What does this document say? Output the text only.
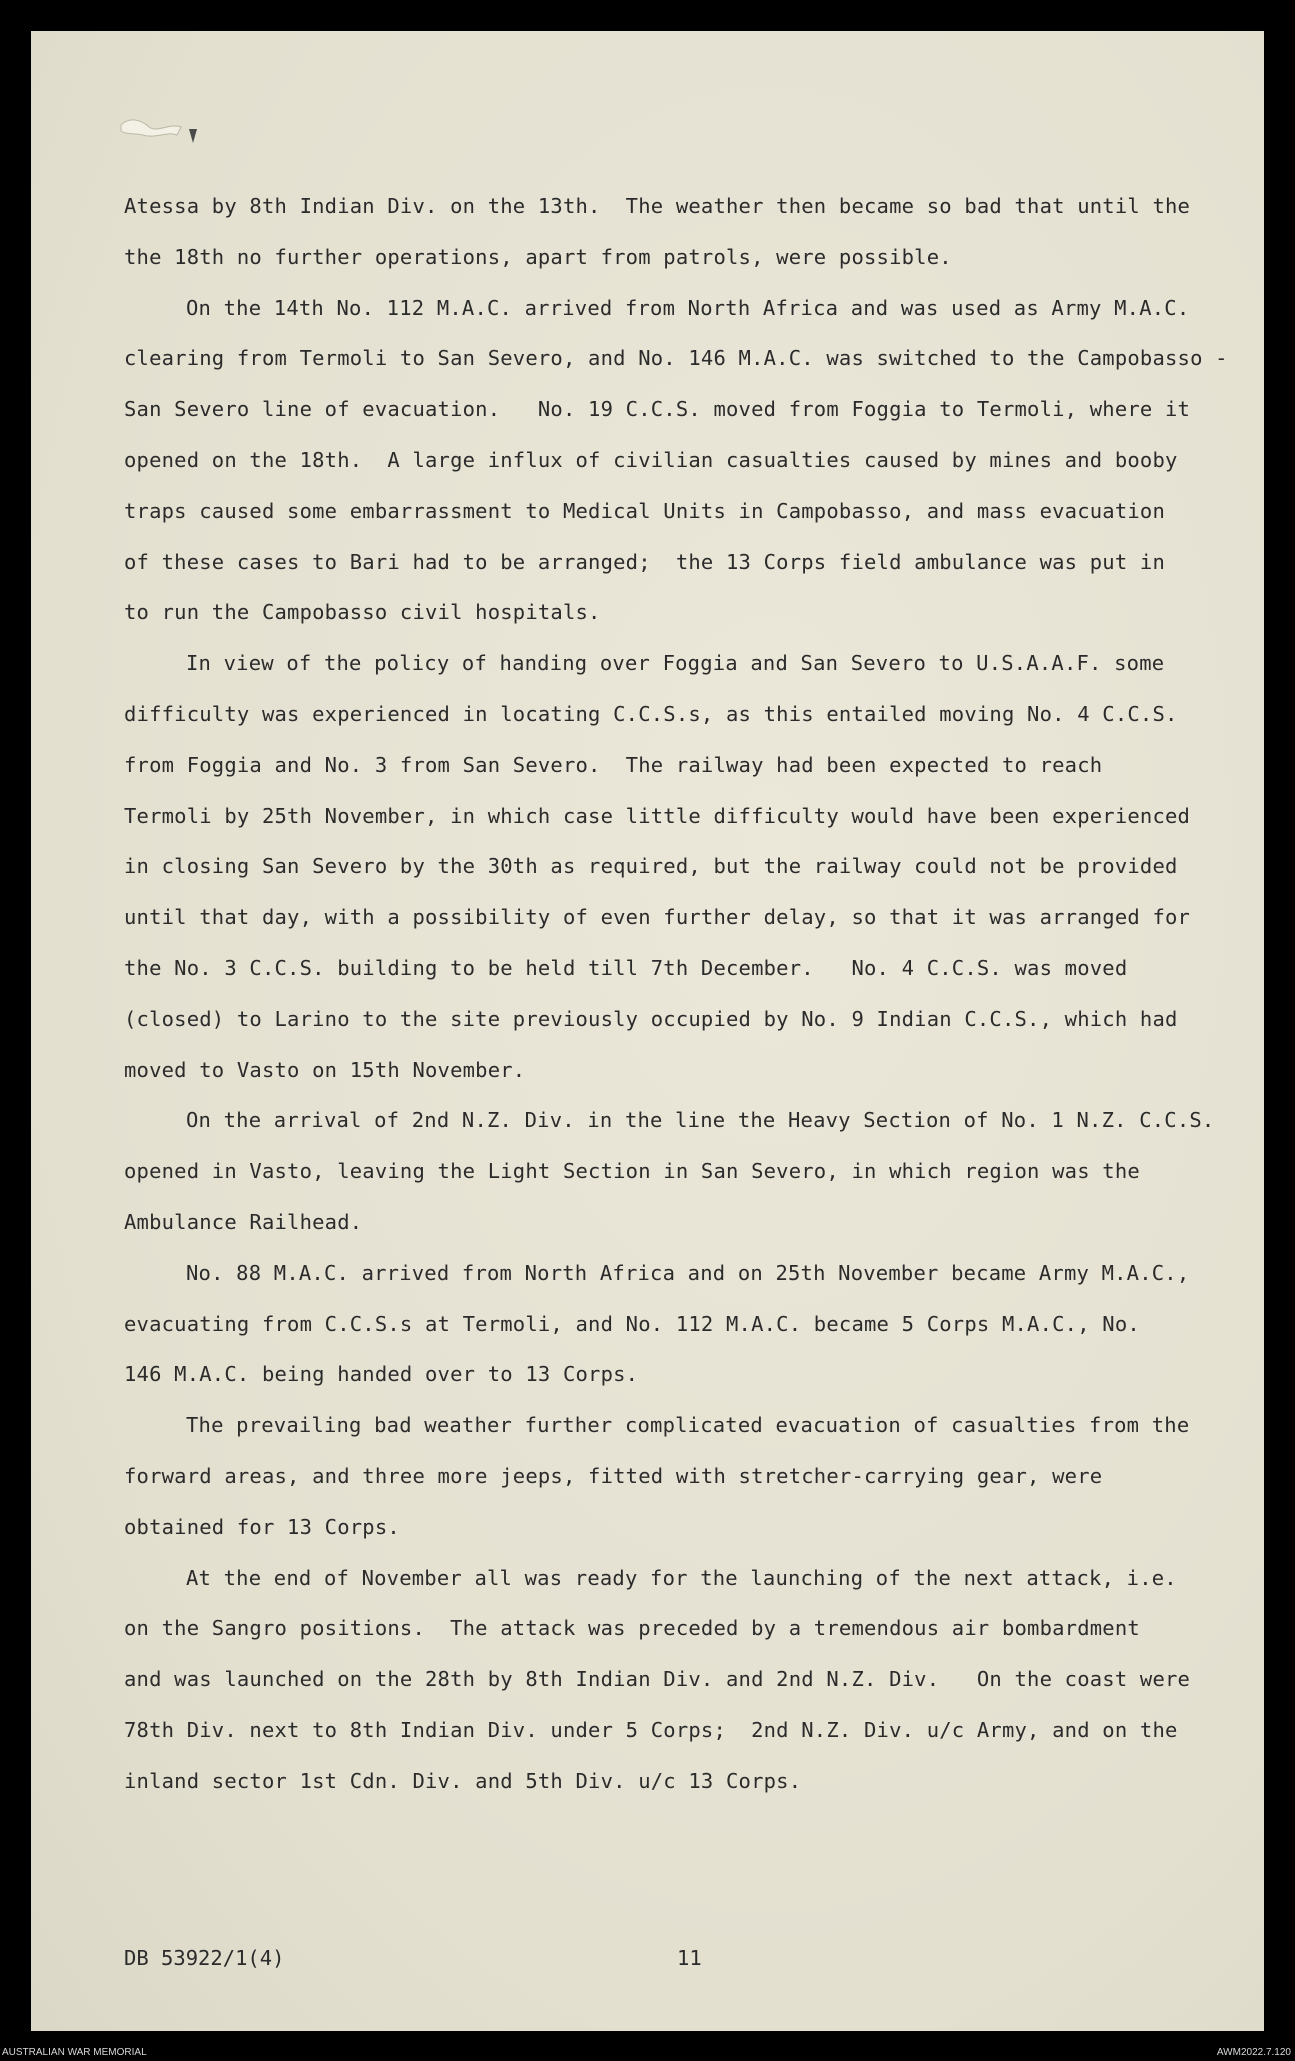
Atessa by 8th Indian Div. on the 13th.  The weather then became so bad that until the
the 18th no further operations, apart from patrols, were possible.
On the 14th No. 112 M.A.C. arrived from North Africa and was used as Army M.A.C.
clearing from Termoli to San Severo, and No. 146 M.A.C. was switched to the Campobasso -
San Severo line of evacuation.   No. 19 C.C.S. moved from Foggia to Termoli, where it
opened on the 18th.  A large influx of civilian casualties caused by mines and booby
traps caused some embarrassment to Medical Units in Campobasso, and mass evacuation
of these cases to Bari had to be arranged;  the 13 Corps field ambulance was put in
to run the Campobasso civil hospitals.
In view of the policy of handing over Foggia and San Severo to U.S.A.A.F. some
difficulty was experienced in locating C.C.S.s, as this entailed moving No. 4 C.C.S.
from Foggia and No. 3 from San Severo.  The railway had been expected to reach
Termoli by 25th November, in which case little difficulty would have been experienced
in closing San Severo by the 30th as required, but the railway could not be provided
until that day, with a possibility of even further delay, so that it was arranged for
the No. 3 C.C.S. building to be held till 7th December.   No. 4 C.C.S. was moved
(closed) to Larino to the site previously occupied by No. 9 Indian C.C.S., which had
moved to Vasto on 15th November.
On the arrival of 2nd N.Z. Div. in the line the Heavy Section of No. 1 N.Z. C.C.S.
opened in Vasto, leaving the Light Section in San Severo, in which region was the
Ambulance Railhead.
No. 88 M.A.C. arrived from North Africa and on 25th November became Army M.A.C.,
evacuating from C.C.S.s at Termoli, and No. 112 M.A.C. became 5 Corps M.A.C., No.
146 M.A.C. being handed over to 13 Corps.
The prevailing bad weather further complicated evacuation of casualties from the
forward areas, and three more jeeps, fitted with stretcher-carrying gear, were
obtained for 13 Corps.
At the end of November all was ready for the launching of the next attack, i.e.
on the Sangro positions.  The attack was preceded by a tremendous air bombardment
and was launched on the 28th by 8th Indian Div. and 2nd N.Z. Div.   On the coast were
78th Div. next to 8th Indian Div. under 5 Corps;  2nd N.Z. Div. u/c Army, and on the
inland sector 1st Cdn. Div. and 5th Div. u/c 13 Corps.
DB 53922/1(4)	11
AUSTRALIAN WAR MEMORIAL	AWM2022.7.120
